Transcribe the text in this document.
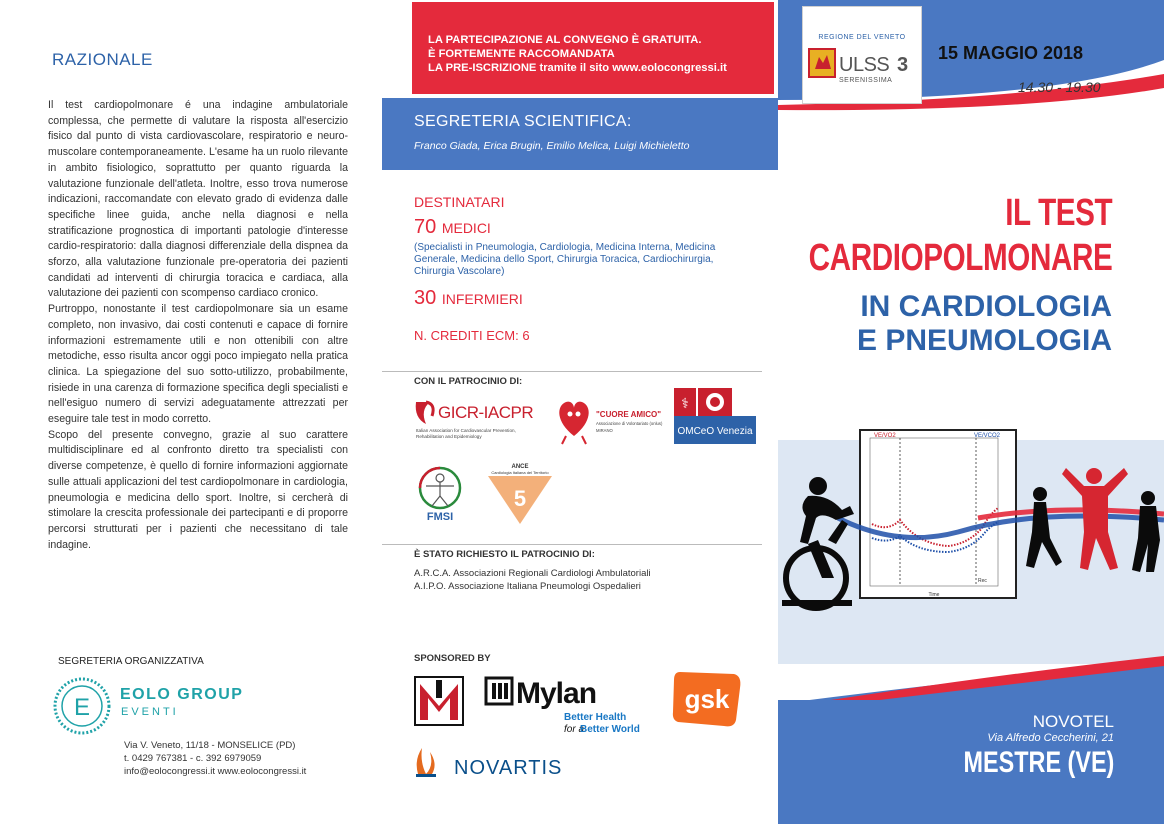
RAZIONALE

Il test cardiopolmonare é una indagine ambulatoriale complessa, che permette di valutare la risposta all'esercizio fisico dal punto di vista cardiovascolare, respiratorio e neuro-muscolare contemporaneamente. L'esame ha un ruolo rilevante in ambito fisiologico, soprattutto per quanto riguarda la valutazione funzionale dell'atleta. Inoltre, esso trova numerose indicazioni, raccomandate con elevato grado di evidenza dalle specifiche linee guida, anche nella diagnosi e nella stratificazione prognostica di importanti patologie d'interesse cardio-respiratorio: dalla diagnosi differenziale della dispnea da sforzo, alla valutazione funzionale pre-operatoria dei pazienti candidati ad interventi di chirurgia toracica e cardiaca, alla valutazione dei pazienti con scompenso cardiaco cronico.

Purtroppo, nonostante il test cardiopolmonare sia un esame completo, non invasivo, dai costi contenuti e capace di fornire informazioni estremamente utili e non ottenibili con altre metodiche, esso risulta ancor oggi poco impiegato nella pratica clinica. La spiegazione del suo sotto-utilizzo, probabilmente, risiede in una carenza di formazione specifica degli specialisti e nell'esiguo numero di servizi adeguatamente attrezzati per eseguire tale test in modo corretto.

Scopo del presente convegno, grazie al suo carattere multidisciplinare ed al confronto diretto tra specialisti con diverse competenze, è quello di fornire informazioni aggiornate sulle attuali applicazioni del test cardiopolmonare in cardiologia, pneumologia e medicina dello sport. Inoltre, si cercherà di stimolare la crescita professionale dei partecipanti e di proporre percorsi strutturati per i pazienti che necessitano di tale indagine.

SEGRETERIA ORGANIZZATIVA
E EOLO GROUP
EVENTI
Via V. Veneto, 11/18 - MONSELICE (PD)
t. 0429 767381 - c. 392 6979059
info@eolocongressi.it www.eolocongressi.it
LA PARTECIPAZIONE AL CONVEGNO È GRATUITA.
È FORTEMENTE RACCOMANDATA
LA PRE-ISCRIZIONE tramite il sito www.eolocongressi.it
SEGRETERIA SCIENTIFICA:
Franco Giada, Erica Brugin, Emilio Melica, Luigi Michieletto
DESTINATARI
70 MEDICI
(Specialisti in Pneumologia, Cardiologia, Medicina Interna, Medicina Generale, Medicina dello Sport, Chirurgia Toracica, Cardiochirurgia, Chirurgia Vascolare)
30 INFERMIERI
N. CREDITI ECM: 6
CON IL PATROCINIO DI:
GICR-IACPR
Italian Association for Cardiovascular Prevention,
Rehabilitation and Epidemiology
"CUORE AMICO"
Associazione di Volontariato (onlus)
MIRANO
⚕
OMCeO Venezia
FMSI
ANCE
Cardiologia Italiana del Territorio
5
È STATO RICHIESTO IL PATROCINIO DI:
A.R.C.A. Associazioni Regionali Cardiologi Ambulatoriali
A.I.P.O. Associazione Italiana Pneumologi Ospedalieri
SPONSORED BY
Mylan
Better Health
for a
Better World
gsk
NOVARTIS
REGIONE DEL VENETO
ULSS 3
SERENISSIMA
15 MAGGIO 2018
14.30 - 19.30
IL TEST
CARDIOPOLMONARE
IN CARDIOLOGIA
E PNEUMOLOGIA
VE/VO2	VE/VCO2
Rec
Time
NOVOTEL
Via Alfredo Ceccherini, 21
MESTRE (VE)
